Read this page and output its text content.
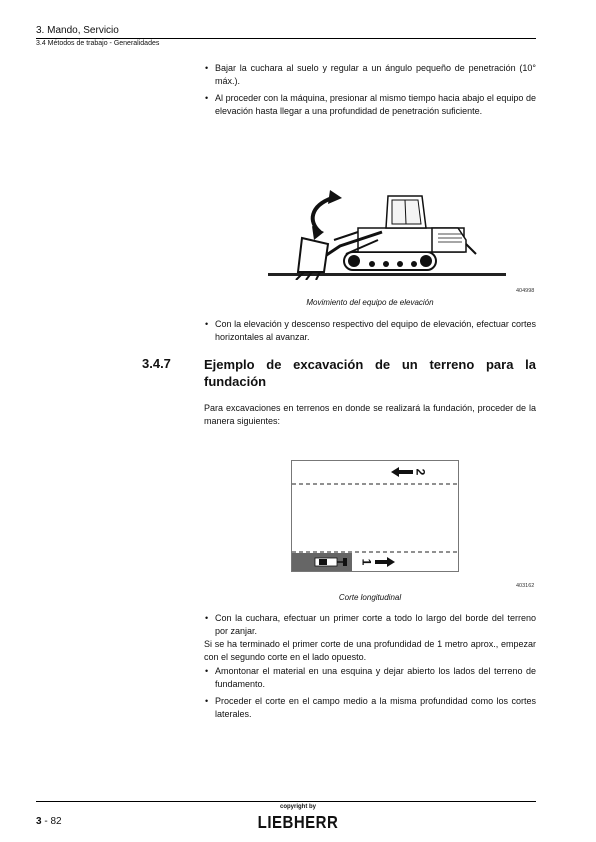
3. Mando, Servicio
3.4 Métodos de trabajo - Generalidades
• Bajar la cuchara al suelo y regular a un ángulo pequeño de penetración (10° máx.).
• Al proceder con la máquina, presionar al mismo tiempo hacia abajo el equipo de elevación hasta llegar a una profundidad de penetración suficiente.
404998
Movimiento del equipo de elevación
• Con la elevación y descenso respectivo del equipo de elevación, efectuar cortes horizontales al avanzar.
3.4.7	Ejemplo de excavación de un terreno para la fundación
Para excavaciones en terrenos en donde se realizará la fundación, proceder de la manera siguientes:
2
1
403162
Corte longitudinal
• Con la cuchara, efectuar un primer corte a todo lo largo del borde del terreno por zanjar.
Si se ha terminado el primer corte de una profundidad de 1 metro aprox., empezar con el segundo corte en el lado opuesto.
• Amontonar el material en una esquina y dejar abierto los lados del terreno de fundamento.
• Proceder el corte en el campo medio a la misma profundidad como los cortes laterales.
3 - 82
copyright by
LIEBHERR
